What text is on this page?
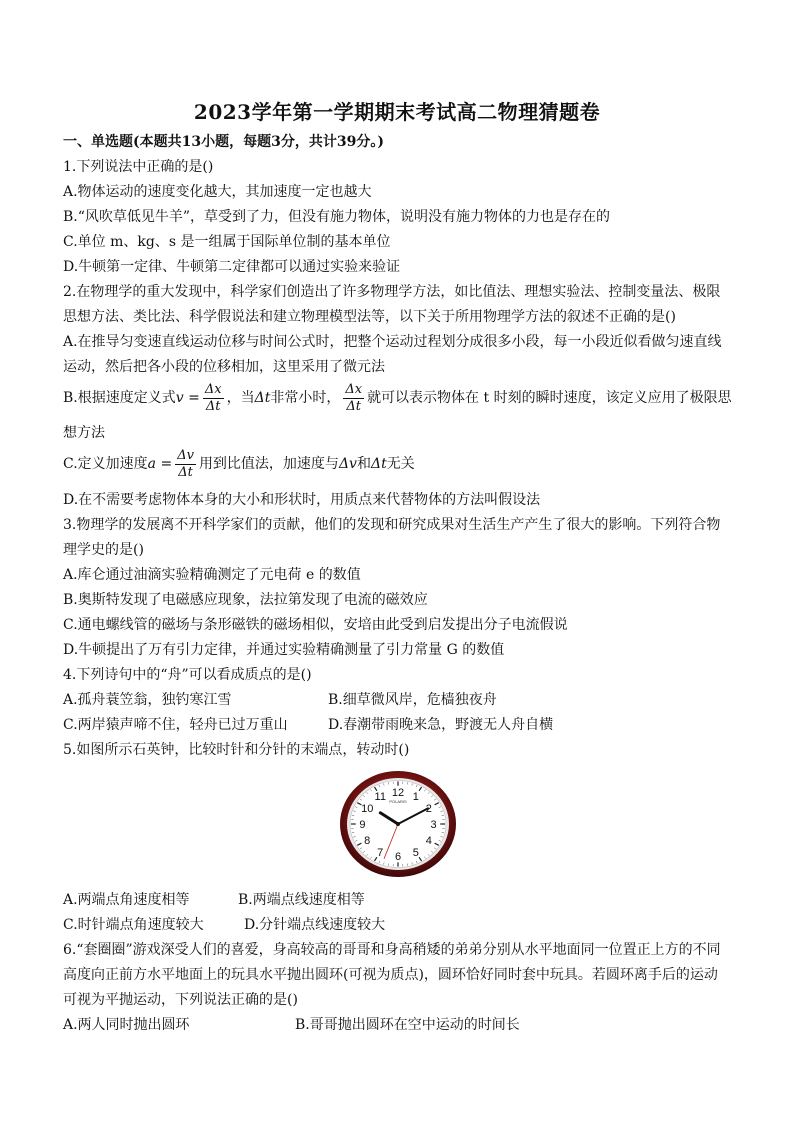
2023学年第一学期期末考试高二物理猜题卷
一、单选题(本题共13小题，每题3分，共计39分。)
1.下列说法中正确的是()
A.物体运动的速度变化越大，其加速度一定也越大
B.“风吹草低见牛羊”，草受到了力，但没有施力物体，说明没有施力物体的力也是存在的
C.单位 m、kg、s 是一组属于国际单位制的基本单位
D.牛顿第一定律、牛顿第二定律都可以通过实验来验证
2.在物理学的重大发现中，科学家们创造出了许多物理学方法，如比值法、理想实验法、控制变量法、极限
思想方法、类比法、科学假说法和建立物理模型法等，以下关于所用物理学方法的叙述不正确的是()
A.在推导匀变速直线运动位移与时间公式时，把整个运动过程划分成很多小段，每一小段近似看做匀速直线
运动，然后把各小段的位移相加，这里采用了微元法
B.根据速度定义式$v = \frac{\Delta x}{\Delta t}$ ，当Δt非常小时， $\frac{\Delta x}{\Delta t}$ 就可以表示物体在 t 时刻的瞬时速度，该定义应用了极限思
想方法
C.定义加速度$a = \frac{\Delta v}{\Delta t}$ 用到比值法，加速度与Δv和Δt无关
D.在不需要考虑物体本身的大小和形状时，用质点来代替物体的方法叫假设法
3.物理学的发展离不开科学家们的贡献，他们的发现和研究成果对生活生产产生了很大的影响。下列符合物
理学史的是()
A.库仑通过油滴实验精确测定了元电荷 e 的数值
B.奥斯特发现了电磁感应现象，法拉第发现了电流的磁效应
C.通电螺线管的磁场与条形磁铁的磁场相似，安培由此受到启发提出分子电流假说
D.牛顿提出了万有引力定律，并通过实验精确测量了引力常量 G 的数值
4.下列诗句中的“舟”可以看成质点的是()
A.孤舟蓑笠翁，独钓寒江雪	B.细草微风岸，危樯独夜舟
C.两岸猿声啼不住，轻舟已过万重山	D.春潮带雨晚来急，野渡无人舟自横
5.如图所示石英钟，比较时针和分针的末端点，转动时()
12 1
2
3
4
5
6
7
8
9
10
11 POLARIS
A.两端点角速度相等	B.两端点线速度相等
C.时针端点角速度较大	D.分针端点线速度较大
6.“套圈圈”游戏深受人们的喜爱，身高较高的哥哥和身高稍矮的弟弟分别从水平地面同一位置正上方的不同
高度向正前方水平地面上的玩具水平抛出圆环(可视为质点)，圆环恰好同时套中玩具。若圆环离手后的运动
可视为平抛运动，下列说法正确的是()
A.两人同时抛出圆环	B.哥哥抛出圆环在空中运动的时间长
